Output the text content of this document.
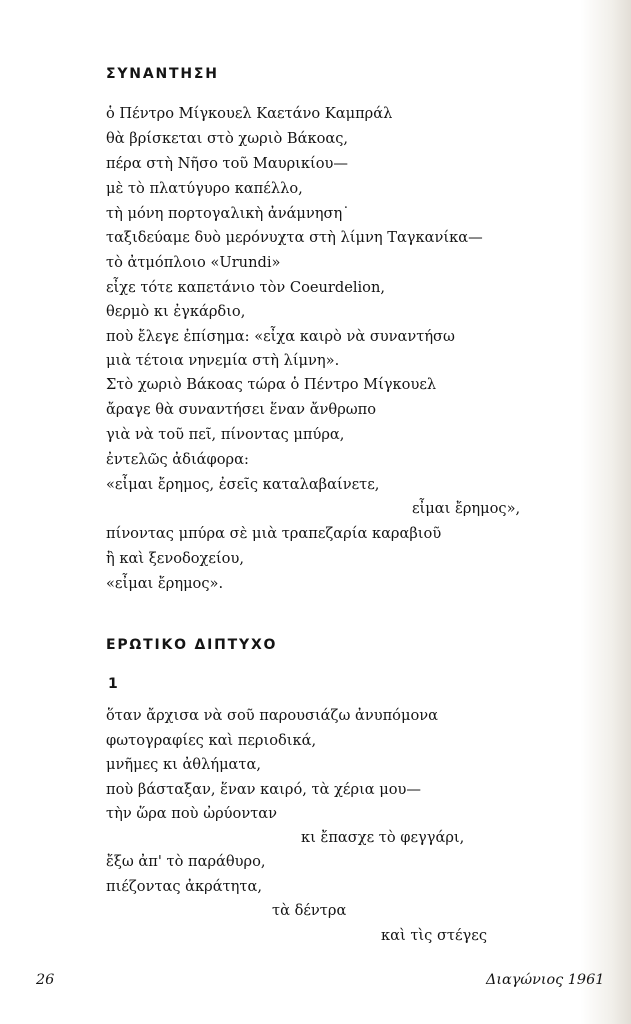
ΣΥΝΑΝΤΗΣΗ
ὁ Πέντρο Μίγκουελ Καετάνο Καμπράλ
θὰ βρίσκεται στὸ χωριὸ Βάκοας,
πέρα στὴ Νῆσο τοῦ Μαυρικίου—
μὲ τὸ πλατύγυρο καπέλλο,
τὴ μόνη πορτογαλικὴ ἀνάμνηση˙
ταξιδεύαμε δυὸ μερόνυχτα στὴ λίμνη Ταγκανίκα—
τὸ ἀτμόπλοιο «Urundi»
εἶχε τότε καπετάνιο τὸν Coeurdelion,
θερμὸ κι ἐγκάρδιο,
ποὺ ἔλεγε ἐπίσημα: «εἶχα καιρὸ νὰ συναντήσω
μιὰ τέτοια νηνεμία στὴ λίμνη».
Στὸ χωριὸ Βάκοας τώρα ὁ Πέντρο Μίγκουελ
ἄραγε θὰ συναντήσει ἕναν ἄνθρωπο
γιὰ νὰ τοῦ πεῖ, πίνοντας μπύρα,
ἐντελῶς ἀδιάφορα:
«εἶμαι ἔρημος, ἐσεῖς καταλαβαίνετε,
εἶμαι ἔρημος»,
πίνοντας μπύρα σὲ μιὰ τραπεζαρία καραβιοῦ
ἢ καὶ ξενοδοχείου,
«εἶμαι ἔρημος».
ΕΡΩΤΙΚΟ ΔΙΠΤΥΧΟ
1
ὅταν ἄρχισα νὰ σοῦ παρουσιάζω ἀνυπόμονα
φωτογραφίες καὶ περιοδικά,
μνῆμες κι ἀθλήματα,
ποὺ βάσταξαν, ἕναν καιρό, τὰ χέρια μου—
τὴν ὥρα ποὺ ὠρύονταν
κι ἔπασχε τὸ φεγγάρι,
ἔξω ἀπ' τὸ παράθυρο,
πιέζοντας ἀκράτητα,
τὰ δέντρα
καὶ τὶς στέγες
26	Διαγώνιος 1961
